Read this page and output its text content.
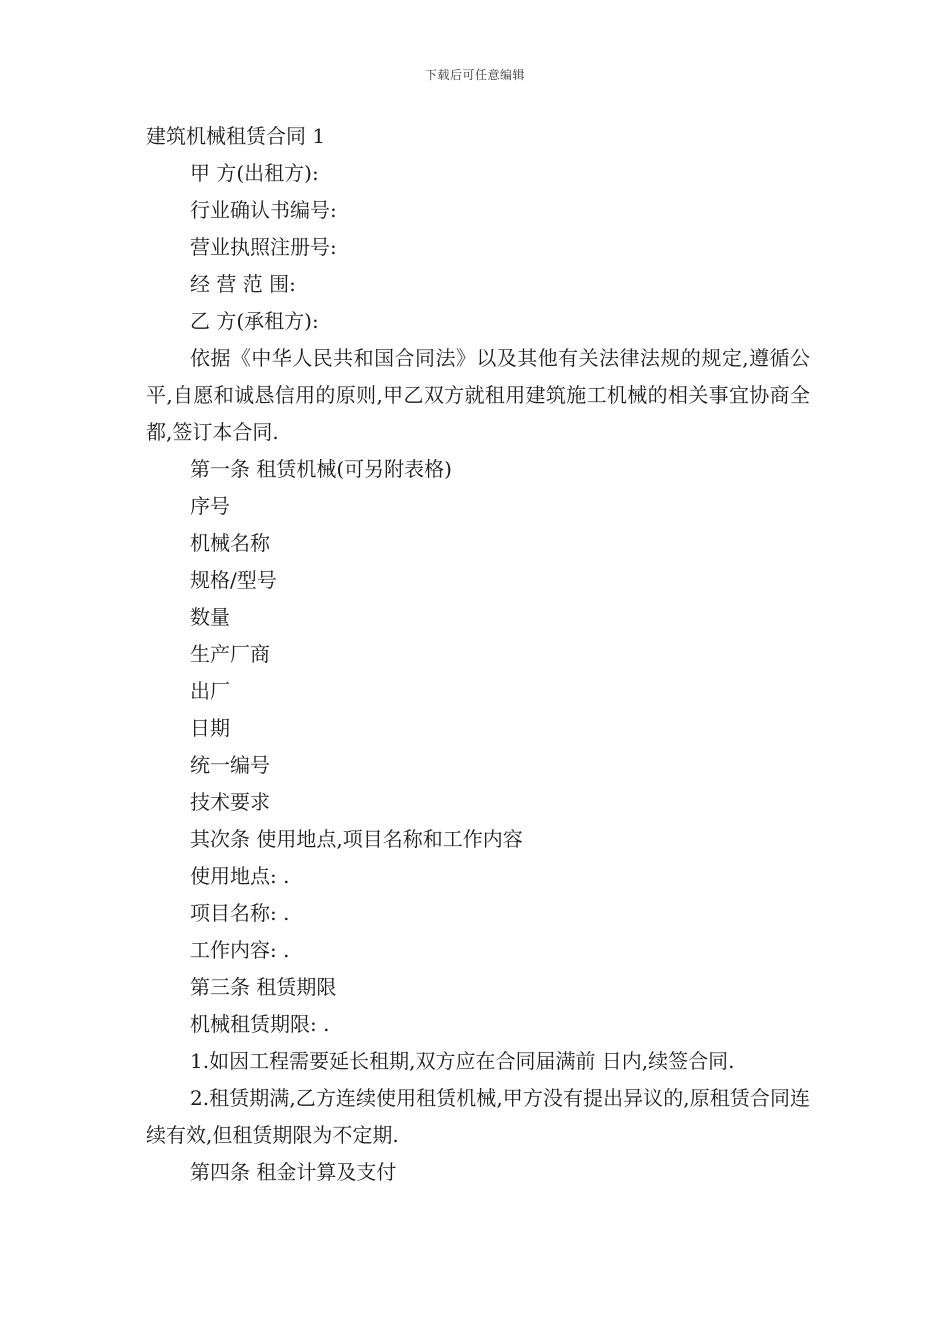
下载后可任意编辑

建筑机械租赁合同 1

甲 方(出租方):

行业确认书编号:

营业执照注册号:

经 营 范 围:

乙 方(承租方):

依据《中华人民共和国合同法》以及其他有关法律法规的规定,遵循公平,自愿和诚恳信用的原则,甲乙双方就租用建筑施工机械的相关事宜协商全都,签订本合同.

第一条 租赁机械(可另附表格)

序号

机械名称

规格/型号

数量

生产厂商

出厂

日期

统一编号

技术要求

其次条 使用地点,项目名称和工作内容

使用地点: .

项目名称: .

工作内容: .

第三条 租赁期限

机械租赁期限: .

1.如因工程需要延长租期,双方应在合同届满前 日内,续签合同.

2.租赁期满,乙方连续使用租赁机械,甲方没有提出异议的,原租赁合同连续有效,但租赁期限为不定期.

第四条 租金计算及支付
